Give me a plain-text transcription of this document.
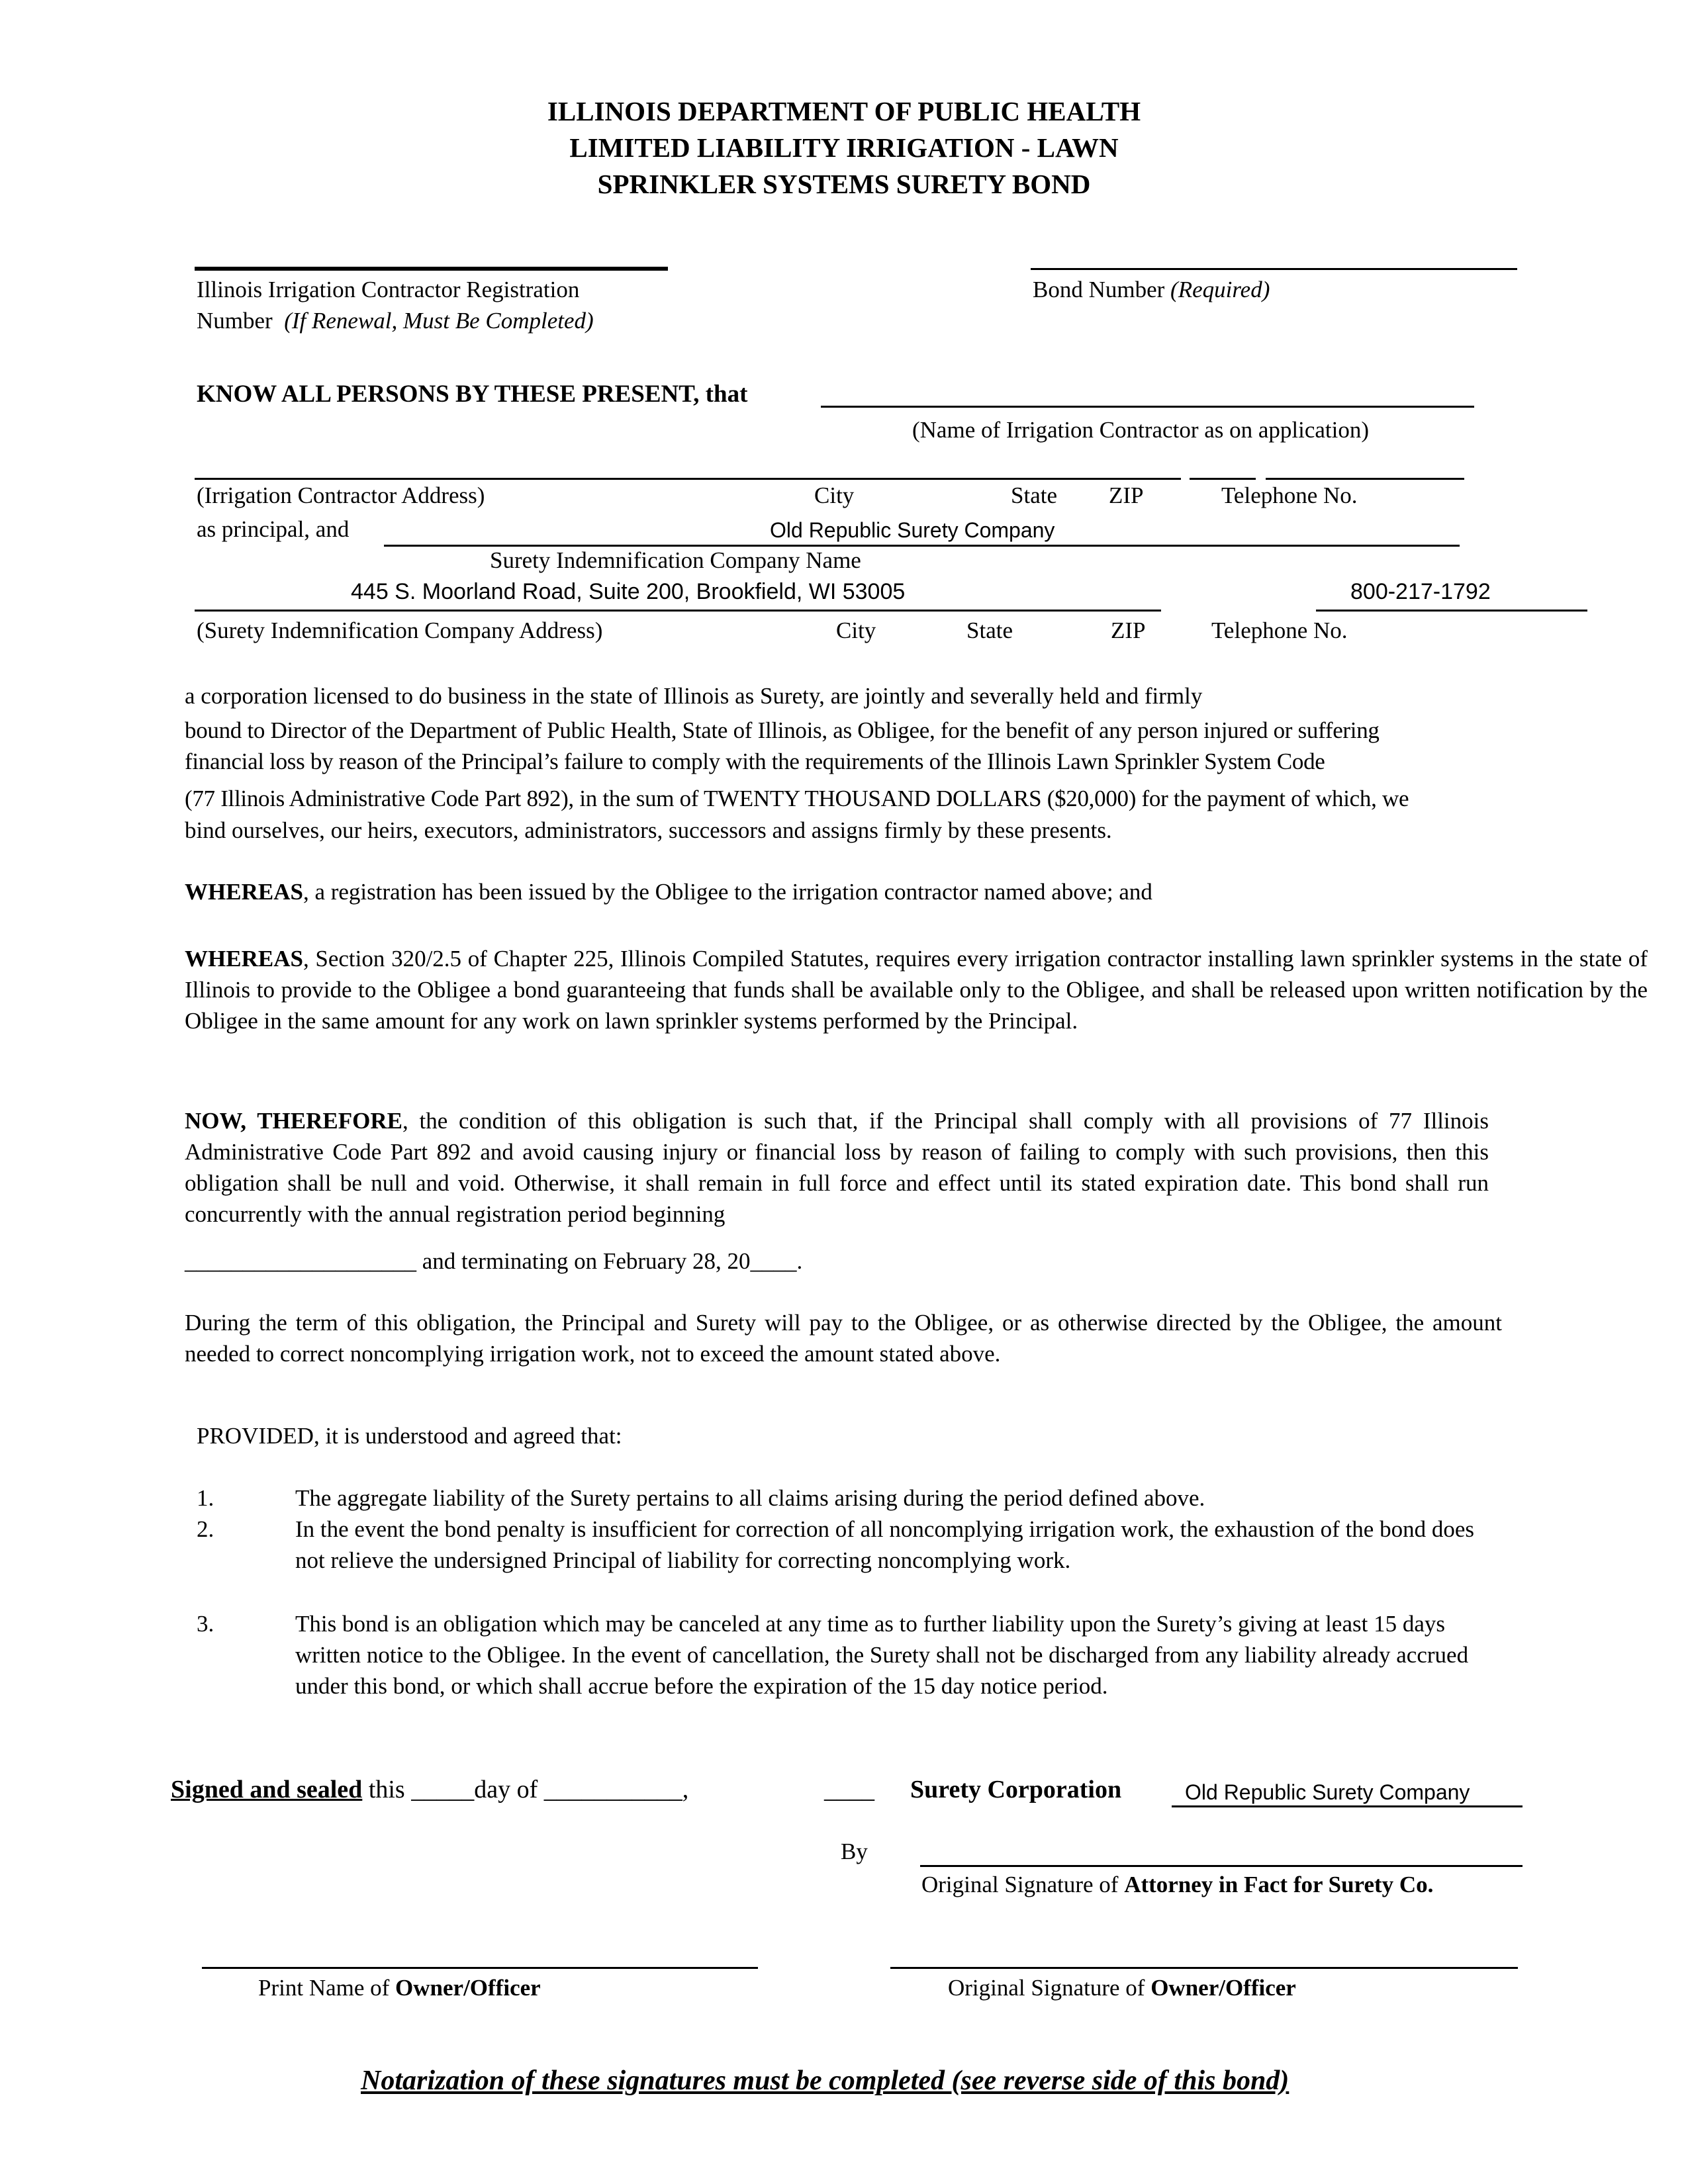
ILLINOIS DEPARTMENT OF PUBLIC HEALTH
LIMITED LIABILITY IRRIGATION - LAWN
SPRINKLER SYSTEMS SURETY BOND
Illinois Irrigation Contractor Registration
Number (If Renewal, Must Be Completed)
Bond Number (Required)
KNOW ALL PERSONS BY THESE PRESENT, that
(Name of Irrigation Contractor as on application)
(Irrigation Contractor Address)	City	State ZIP	Telephone No.
as principal, and	Old Republic Surety Company
Surety Indemnification Company Name
445 S. Moorland Road, Suite 200, Brookfield, WI 53005	800-217-1792
(Surety Indemnification Company Address)	City	State	ZIP	Telephone No.
a corporation licensed to do business in the state of Illinois as Surety, are jointly and severally held and firmly
bound to Director of the Department of Public Health, State of Illinois, as Obligee, for the benefit of any person injured or suffering
financial loss by reason of the Principal’s failure to comply with the requirements of the Illinois Lawn Sprinkler System Code
(77 Illinois Administrative Code Part 892), in the sum of TWENTY THOUSAND DOLLARS ($20,000) for the payment of which, we
bind ourselves, our heirs, executors, administrators, successors and assigns firmly by these presents.
WHEREAS, a registration has been issued by the Obligee to the irrigation contractor named above; and

WHEREAS, Section 320/2.5 of Chapter 225, Illinois Compiled Statutes, requires every irrigation contractor installing lawn sprinkler systems in the state of Illinois to provide to the Obligee a bond guaranteeing that funds shall be available only to the Obligee, and shall be released upon written notification by the Obligee in the same amount for any work on lawn sprinkler systems performed by the Principal.

NOW, THEREFORE, the condition of this obligation is such that, if the Principal shall comply with all provisions of 77 Illinois Administrative Code Part 892 and avoid causing injury or financial loss by reason of failing to comply with such provisions, then this obligation shall be null and void. Otherwise, it shall remain in full force and effect until its stated expiration date. This bond shall run concurrently with the annual registration period beginning

____________________ and terminating on February 28, 20____.

During the term of this obligation, the Principal and Surety will pay to the Obligee, or as otherwise directed by the Obligee, the amount needed to correct noncomplying irrigation work, not to exceed the amount stated above.

PROVIDED, it is understood and agreed that:
1.	The aggregate liability of the Surety pertains to all claims arising during the period defined above.
2.	In the event the bond penalty is insufficient for correction of all noncomplying irrigation work, the exhaustion of the bond does not relieve the undersigned Principal of liability for correcting noncomplying work.
3.	This bond is an obligation which may be canceled at any time as to further liability upon the Surety’s giving at least 15 days written notice to the Obligee. In the event of cancellation, the Surety shall not be discharged from any liability already accrued under this bond, or which shall accrue before the expiration of the 15 day notice period.
Signed and sealed this _____day of ___________,	____ Surety Corporation	Old Republic Surety Company
By
Original Signature of Attorney in Fact for Surety Co.
Print Name of Owner/Officer	Original Signature of Owner/Officer
Notarization of these signatures must be completed (see reverse side of this bond)
